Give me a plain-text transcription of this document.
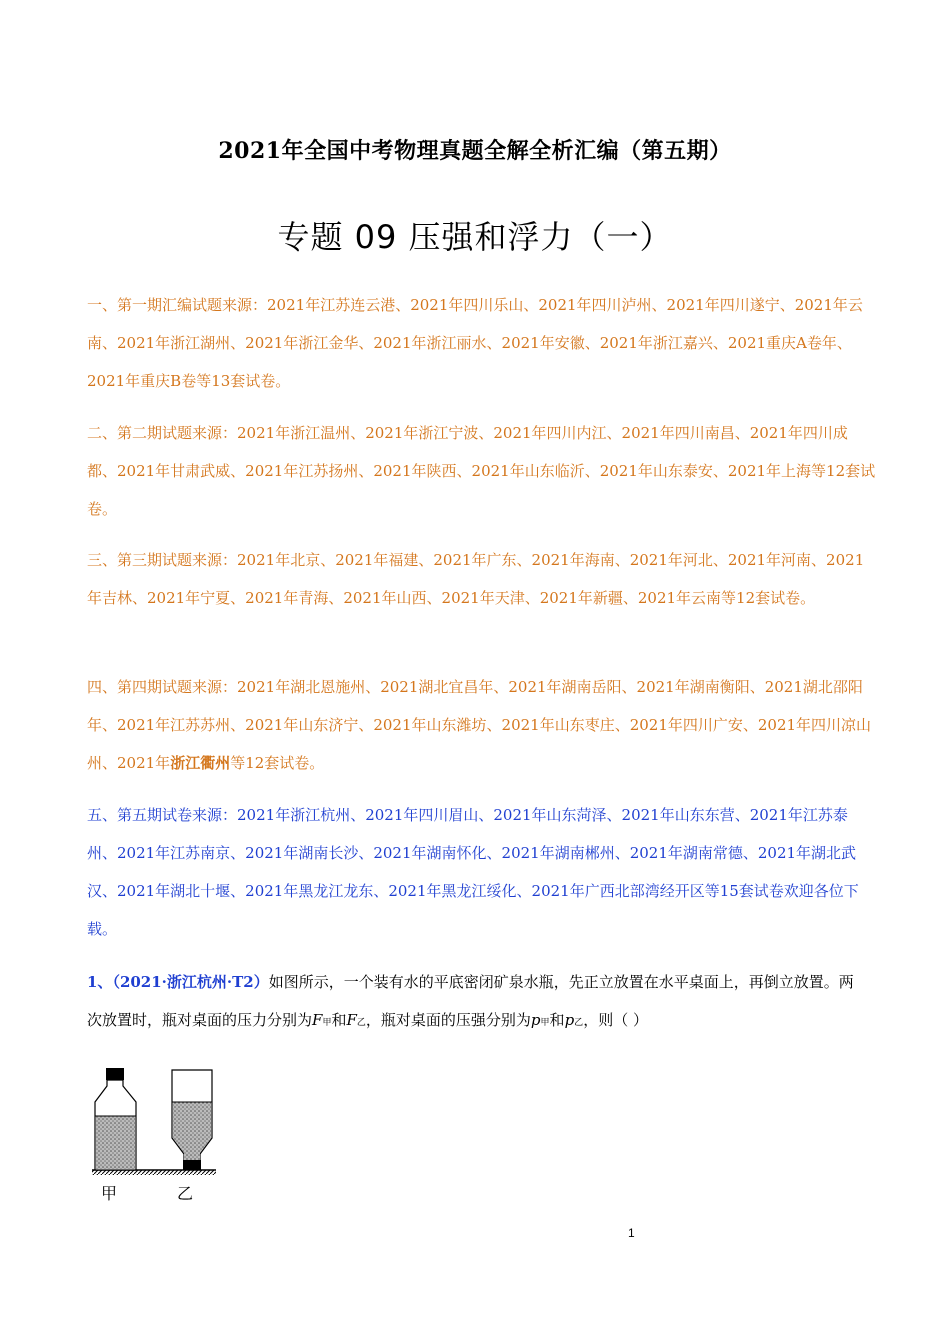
2021年全国中考物理真题全解全析汇编（第五期）
专题 09 压强和浮力（一）
一、第一期汇编试题来源：2021年江苏连云港、2021年四川乐山、2021年四川泸州、2021年四川遂宁、2021年云南、2021年浙江湖州、2021年浙江金华、2021年浙江丽水、2021年安徽、2021年浙江嘉兴、2021重庆A卷年、2021年重庆B卷等13套试卷。
二、第二期试题来源：2021年浙江温州、2021年浙江宁波、2021年四川内江、2021年四川南昌、2021年四川成都、2021年甘肃武威、2021年江苏扬州、2021年陕西、2021年山东临沂、2021年山东泰安、2021年上海等12套试卷。
三、第三期试题来源：2021年北京、2021年福建、2021年广东、2021年海南、2021年河北、2021年河南、2021年吉林、2021年宁夏、2021年青海、2021年山西、2021年天津、2021年新疆、2021年云南等12套试卷。
四、第四期试题来源：2021年湖北恩施州、2021湖北宜昌年、2021年湖南岳阳、2021年湖南衡阳、2021湖北邵阳年、2021年江苏苏州、2021年山东济宁、2021年山东潍坊、2021年山东枣庄、2021年四川广安、2021年四川凉山州、2021年浙江衢州等12套试卷。
五、第五期试卷来源：2021年浙江杭州、2021年四川眉山、2021年山东菏泽、2021年山东东营、2021年江苏泰州、2021年江苏南京、2021年湖南长沙、2021年湖南怀化、2021年湖南郴州、2021年湖南常德、2021年湖北武汉、2021年湖北十堰、2021年黑龙江龙东、2021年黑龙江绥化、2021年广西北部湾经开区等15套试卷欢迎各位下载。
1、（2021·浙江杭州·T2）如图所示，一个装有水的平底密闭矿泉水瓶，先正立放置在水平桌面上，再倒立放置。两次放置时，瓶对桌面的压力分别为F甲和F乙，瓶对桌面的压强分别为p甲和p乙，则（ ）
甲	乙
1
